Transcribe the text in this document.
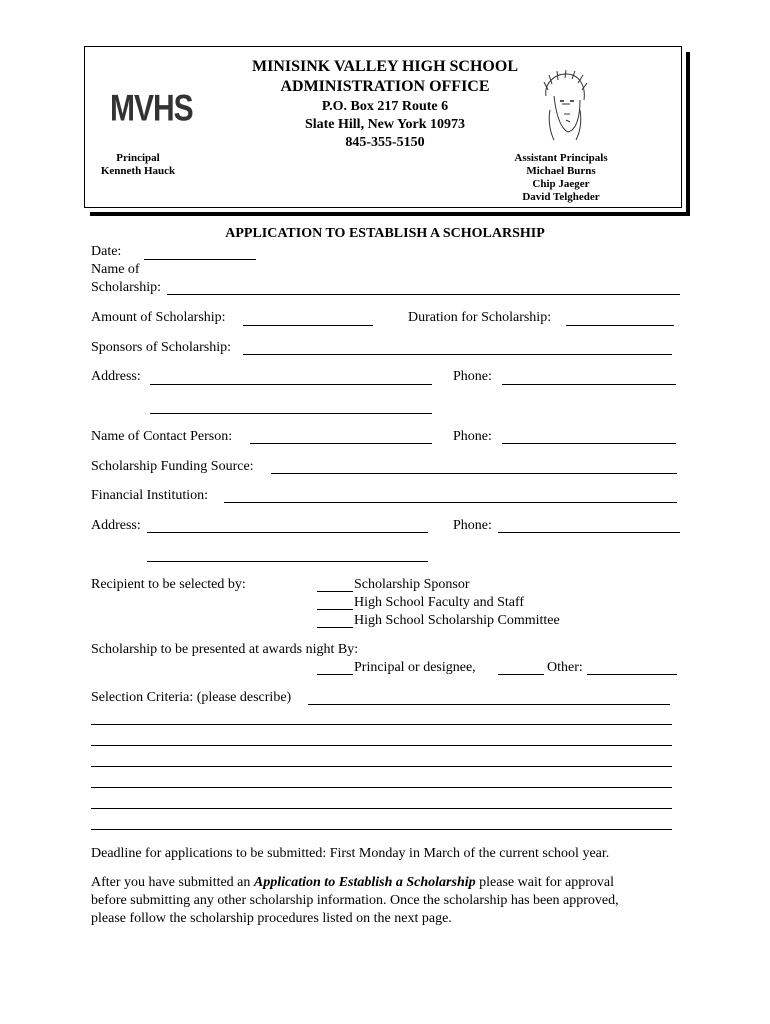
MVHS
MINISINK VALLEY HIGH SCHOOL
ADMINISTRATION OFFICE
P.O. Box 217 Route 6
Slate Hill, New York 10973
845-355-5150
Principal
Kenneth Hauck
Assistant Principals
Michael Burns
Chip Jaeger
David Telgheder
APPLICATION TO ESTABLISH A SCHOLARSHIP
Date:
Name of
Scholarship:
Amount of Scholarship:	Duration for Scholarship:
Sponsors of Scholarship:
Address:	Phone:
Name of Contact Person:	Phone:
Scholarship Funding Source:
Financial Institution:
Address:	Phone:
Recipient to be selected by:	Scholarship Sponsor
High School Faculty and Staff
High School Scholarship Committee
Scholarship to be presented at awards night By:
Principal or designee,	Other:
Selection Criteria: (please describe)
Deadline for applications to be submitted: First Monday in March of the current school year.
After you have submitted an Application to Establish a Scholarship please wait for approval
before submitting any other scholarship information. Once the scholarship has been approved,
please follow the scholarship procedures listed on the next page.
